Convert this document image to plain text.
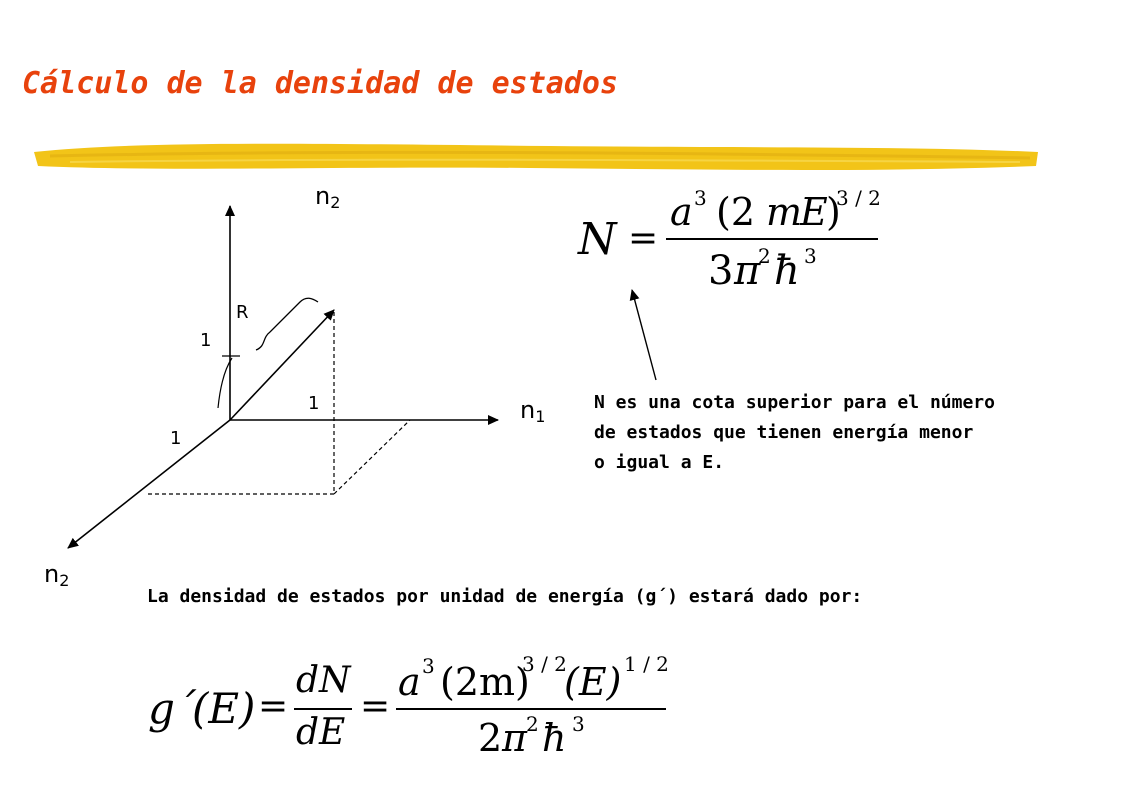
Cálculo de la densidad de estados
$n_2$
$n_1$
$n_2$
R
1
1
1
N =
a 3 (2 m
E
)
3 / 2
3 π
2 ħ 3
N es una cota superior para el número
de estados que tienen energía menor
o igual a E.
La densidad de estados por unidad de energía (g´) estará dado por:
g´
(E) =
dN
dE
=
a 3 (2m)
3 / 2
(E) 1 / 2
2 π 2 ħ 3
